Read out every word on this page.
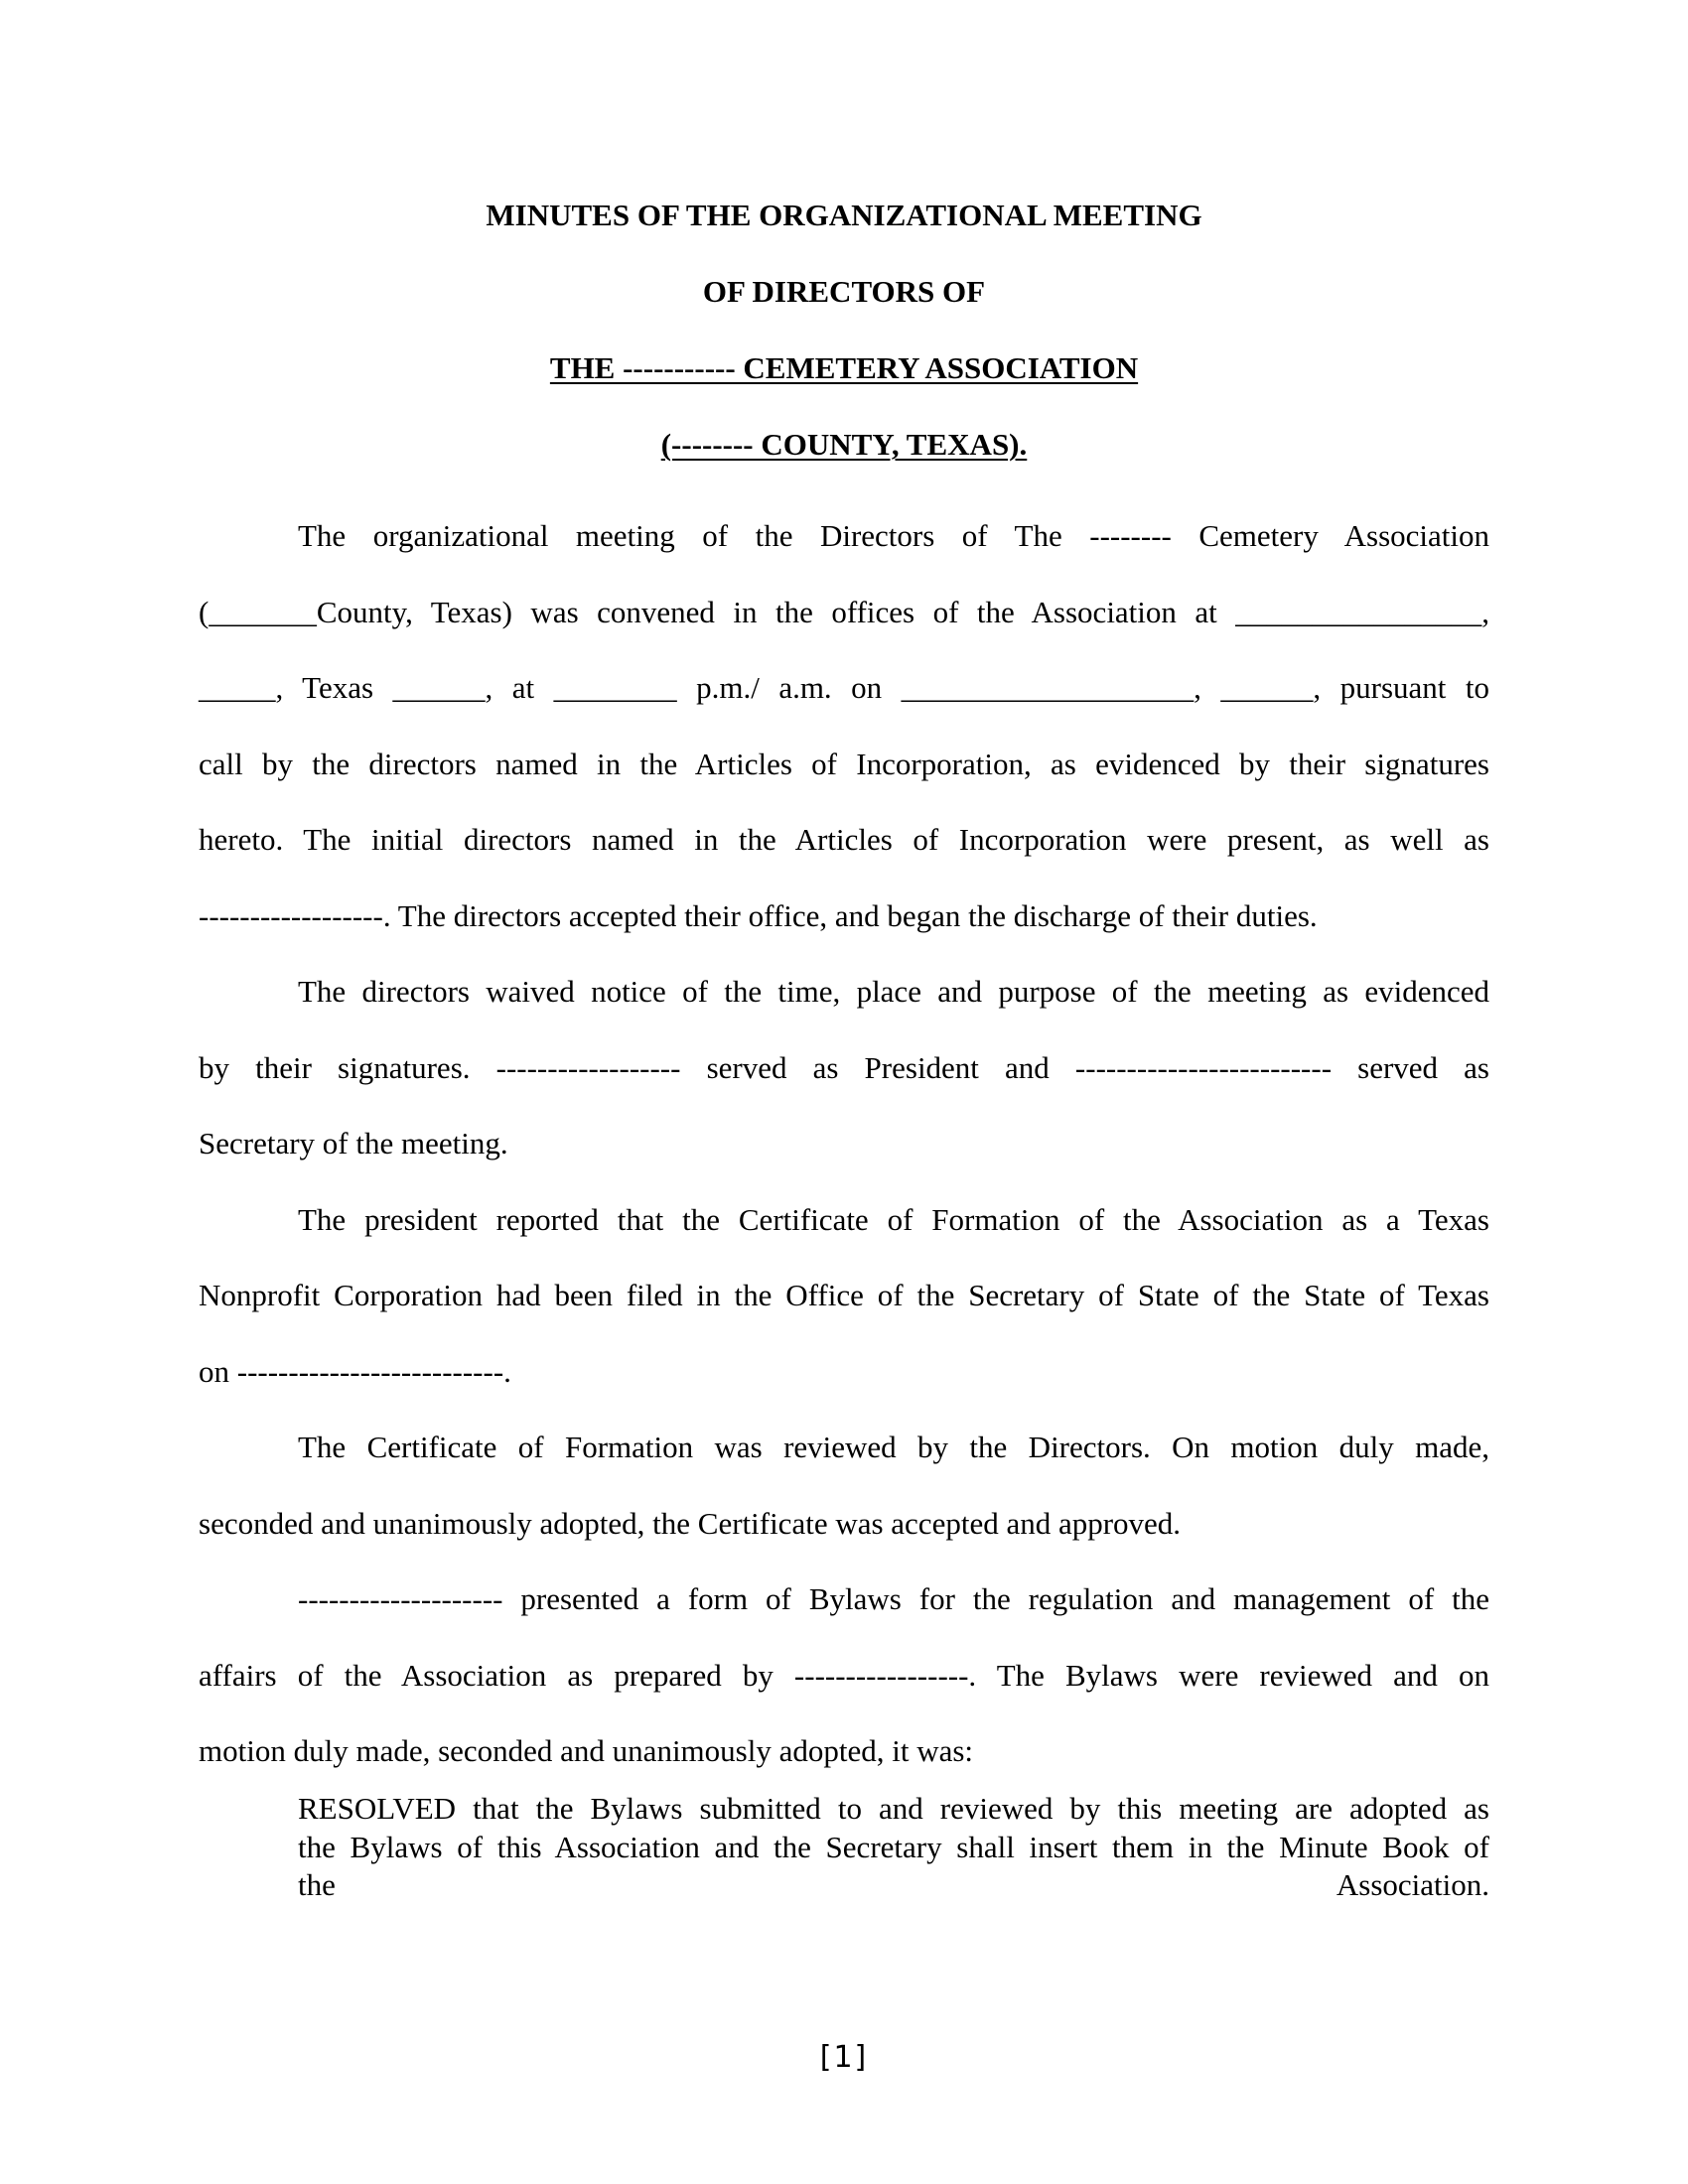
MINUTES OF THE ORGANIZATIONAL MEETING
OF DIRECTORS OF
THE ----------- CEMETERY ASSOCIATION
(-------- COUNTY, TEXAS).
The organizational meeting of the Directors of The -------- Cemetery Association
(_______County, Texas) was convened in the offices of the Association at ________________,
_____, Texas ______, at ________ p.m./ a.m. on ___________________, ______, pursuant to
call by the directors named in the Articles of Incorporation, as evidenced by their signatures
hereto. The initial directors named in the Articles of Incorporation were present, as well as
------------------. The directors accepted their office, and began the discharge of their duties.
The directors waived notice of the time, place and purpose of the meeting as evidenced
by their signatures. ------------------ served as President and ------------------------- served as
Secretary of the meeting.
The president reported that the Certificate of Formation of the Association as a Texas
Nonprofit Corporation had been filed in the Office of the Secretary of State of the State of Texas
on --------------------------.
The Certificate of Formation was reviewed by the Directors. On motion duly made,
seconded and unanimously adopted, the Certificate was accepted and approved.
-------------------- presented a form of Bylaws for the regulation and management of the
affairs of the Association as prepared by -----------------. The Bylaws were reviewed and on
motion duly made, seconded and unanimously adopted, it was:
RESOLVED that the Bylaws submitted to and reviewed by this meeting are adopted as
the Bylaws of this Association and the Secretary shall insert them in the Minute Book of
the Association.
[1]
